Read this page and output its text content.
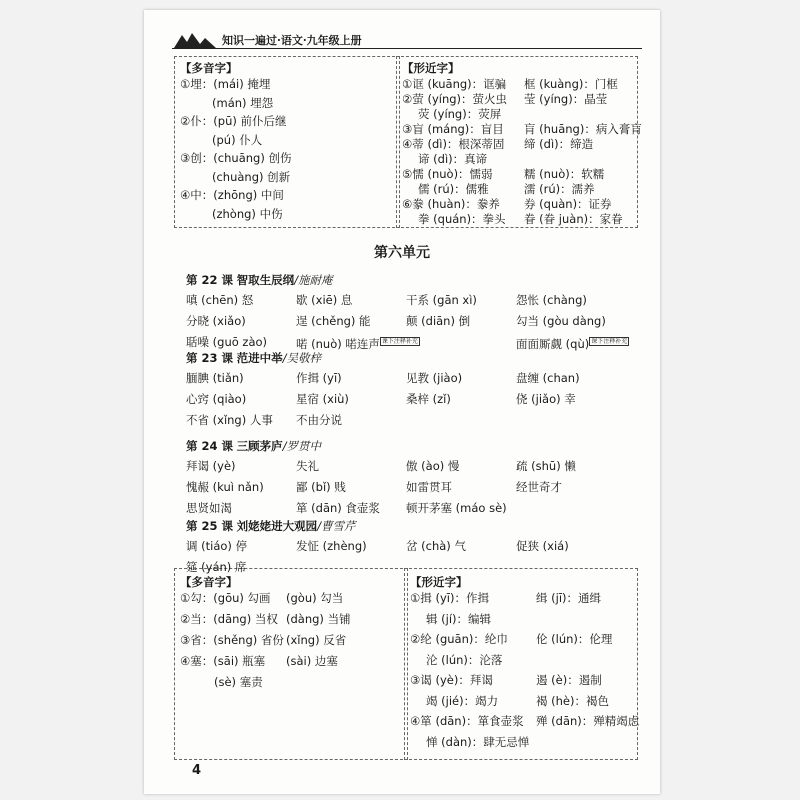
知识一遍过·语文·九年级上册
【多音字】	【形近字】
第六单元
【多音字】	【形近字】
4
①埋：(mái) 掩埋
(mán) 埋怨
②仆：(pū) 前仆后继
(pú) 仆人
③创：(chuāng) 创伤
(chuàng) 创新
④中：(zhōng) 中间
(zhòng) 中伤
①诓 (kuāng)：诓骗 框 (kuàng)：门框
②萤 (yíng)：萤火虫 莹 (yíng)：晶莹
荧 (yíng)：荧屏
③盲 (máng)：盲目 肓 (huāng)：病入膏肓
④蒂 (dì)：根深蒂固 缔 (dì)：缔造
谛 (dì)：真谛
⑤懦 (nuò)：懦弱	糯 (nuò)：软糯
儒 (rú)：儒雅	濡 (rú)：濡养
⑥豢 (huàn)：豢养 券 (quàn)：证券
拳 (quán)：拳头 眷 (眷 juàn)：家眷
第 22 课 智取生辰纲/施耐庵
嗔 (chēn) 怒	歇 (xiē) 息	干系 (gān xì)	怨怅 (chàng)
分晓 (xiǎo)	逞 (chěng) 能	颠 (diān) 倒	勾当 (gòu dàng)
聒噪 (guō zào)	喏 (nuò) 喏连声 $^{课下注释补充}$	面面厮觑 (qù) $^{课下注释补充}$
第 23 课 范进中举/吴敬梓
腼腆 (tiǎn)	作揖 (yī)	见教 (jiào)	盘缠 (chan)
心窍 (qiào)	星宿 (xiù)	桑梓 (zǐ)	侥 (jiǎo) 幸
不省 (xǐng) 人事 不由分说
第 24 课 三顾茅庐/罗贯中
拜谒 (yè)	失礼	傲 (ào) 慢	疏 (shū) 懒
愧赧 (kuì nǎn)	鄙 (bǐ) 贱	如雷贯耳	经世奇才
思贤如渴	箪 (dān) 食壶浆 顿开茅塞 (máo sè)
第 25 课 刘姥姥进大观园/曹雪芹
调 (tiáo) 停	发怔 (zhèng)	岔 (chà) 气	促狭 (xiá)
筵 (yán) 席
①勾：(gōu) 勾画 (gòu) 勾当
②当：(dāng) 当权 (dàng) 当铺
③省：(shěng) 省份 (xǐng) 反省
④塞：(sāi) 瓶塞 (sài) 边塞
(sè) 塞责
①揖 (yī)：作揖	缉 (jī)：通缉
辑 (jí)：编辑
②纶 (guān)：纶巾 伦 (lún)：伦理
沦 (lún)：沦落
③谒 (yè)：拜谒	遏 (è)：遏制
竭 (jié)：竭力	褐 (hè)：褐色
④箪 (dān)：箪食壶浆 殚 (dān)：殚精竭虑
惮 (dàn)：肆无忌惮
